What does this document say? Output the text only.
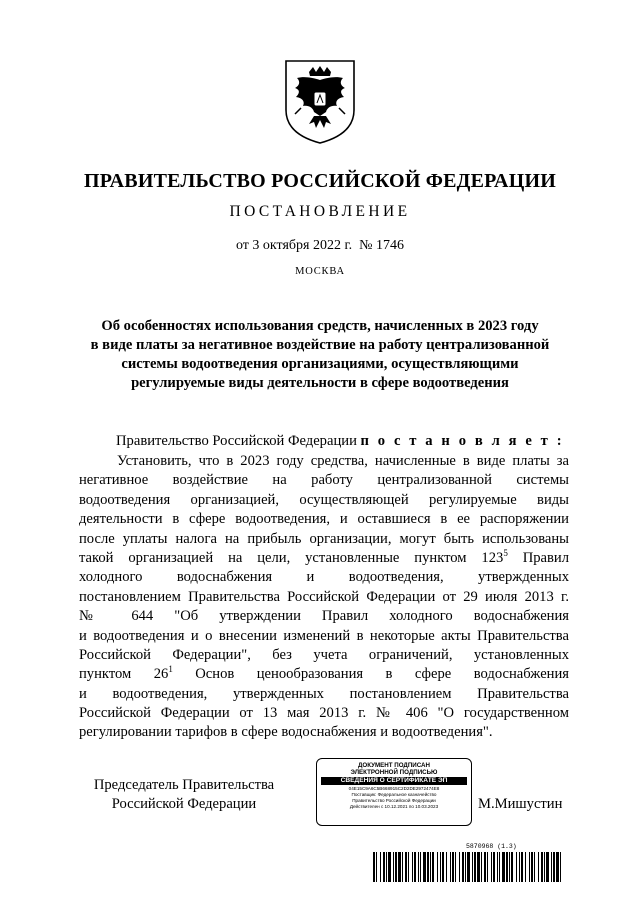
ПРАВИТЕЛЬСТВО РОССИЙСКОЙ ФЕДЕРАЦИИ
ПОСТАНОВЛЕНИЕ
от 3 октября 2022 г. № 1746
МОСКВА
Об особенностях использования средств, начисленных в 2023 году
в виде платы за негативное воздействие на работу централизованной
системы водоотведения организациями, осуществляющими
регулируемые виды деятельности в сфере водоотведения
Правительство Российской Федерации п о с т а н о в л я е т :
Установить, что в 2023 году средства, начисленные в виде платы за
негативное воздействие на работу централизованной системы
водоотведения организацией, осуществляющей регулируемые виды
деятельности в сфере водоотведения, и оставшиеся в ее распоряжении
после уплаты налога на прибыль организации, могут быть использованы
такой организацией на цели, установленные пунктом $123^5$ Правил
холодного водоснабжения и водоотведения, утвержденных
постановлением Правительства Российской Федерации от 29 июля 2013 г.
№ 644 "Об утверждении Правил холодного водоснабжения
и водоотведения и о внесении изменений в некоторые акты Правительства
Российской Федерации", без учета ограничений, установленных
пунктом $26^1$ Основ ценообразования в сфере водоснабжения
и водоотведения, утвержденных постановлением Правительства
Российской Федерации от 13 мая 2013 г. № 406 "О государственном
регулировании тарифов в сфере водоснабжения и водоотведения".
Председатель Правительства
Российской Федерации
ДОКУМЕНТ ПОДПИСАН
ЭЛЕКТРОННОЙ ПОДПИСЬЮ
СВЕДЕНИЯ О СЕРТИФИКАТЕ ЭП
04E15C9A6C5B668915C2D2DE2972474E8
Поставщик: Федеральное казначейство
Правительство Российской Федерации
Действителен с 10.12.2021 по 10.03.2023	М.Мишустин
5870968 (1.3)
